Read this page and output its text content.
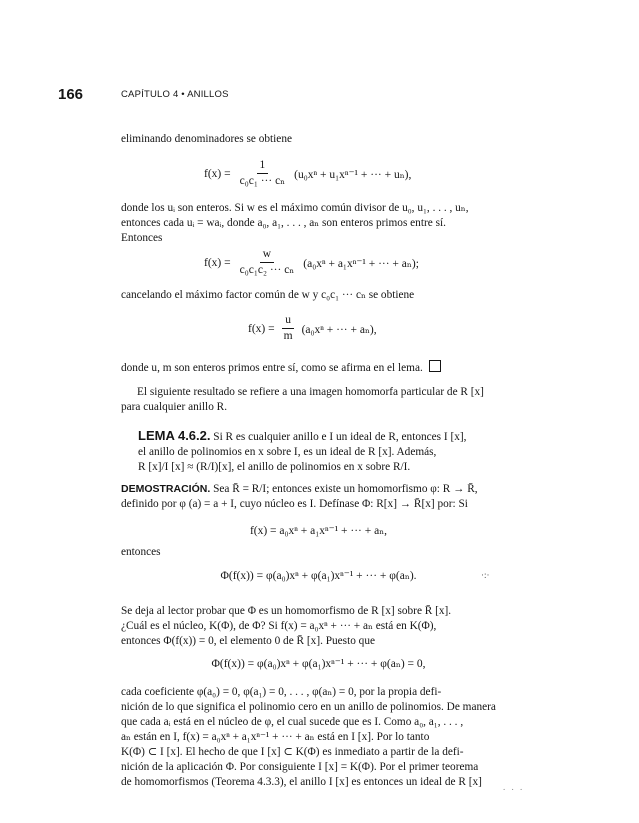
166	CAPÍTULO 4 • ANILLOS
eliminando denominadores se obtiene
$f(x) = \frac{1}{\text{c₀c₁ ··· cₙ}} (u_0x^n + u_1x^{n-1}$ + ··· + uₙ),
donde los uᵢ son enteros. Si w es el máximo común divisor de u₀, u₁, . . . , uₙ,
entonces cada uᵢ = waᵢ, donde a₀, a₁, . . . , aₙ son enteros primos entre sí.
Entonces
$f(x) = \frac{w}{\text{c₀c₁c₂ ··· cₙ}} (a_0x^n + a_1x^{n-1}$ + ··· + aₙ);
cancelando el máximo factor común de w y c₀c₁ ··· cₙ se obtiene
$f(x) = \frac{u}{m} (a_0x^n$ + ··· + aₙ),
donde u, m son enteros primos entre sí, como se afirma en el lema.
El siguiente resultado se refiere a una imagen homomorfa particular de R [x]
para cualquier anillo R.
LEMA 4.6.2. Si R es cualquier anillo e I un ideal de R, entonces I [x],
el anillo de polinomios en x sobre I, es un ideal de R [x]. Además,
R [x]/I [x] ≈ (R/I)[x], el anillo de polinomios en x sobre R/I.
DEMOSTRACIÓN. Sea R̄ = R/I; entonces existe un homomorfismo φ: R → R̄,
definido por φ (a) = a + I, cuyo núcleo es I. Defínase Φ: R[x] → R̄[x] por: Si
f(x) = a₀xⁿ + a₁xⁿ⁻¹ + ··· + aₙ,
entonces
Φ(f(x)) = φ(a₀)xⁿ + φ(a₁)xⁿ⁻¹ + ··· + φ(aₙ).	·:·
Se deja al lector probar que Φ es un homomorfismo de R [x] sobre R̄ [x].
¿Cuál es el núcleo, K(Φ), de Φ? Si f(x) = a₀xⁿ + ··· + aₙ está en K(Φ),
entonces Φ(f(x)) = 0, el elemento 0 de R̄ [x]. Puesto que
Φ(f(x)) = φ(a₀)xⁿ + φ(a₁)xⁿ⁻¹ + ··· + φ(aₙ) = 0,
cada coeficiente φ(a₀) = 0, φ(a₁) = 0, . . . , φ(aₙ) = 0, por la propia defi-
nición de lo que significa el polinomio cero en un anillo de polinomios. De manera
que cada aᵢ está en el núcleo de φ, el cual sucede que es I. Como a₀, a₁, . . . ,
aₙ están en I, f(x) = a₀xⁿ + a₁xⁿ⁻¹ + ··· + aₙ está en I [x]. Por lo tanto
K(Φ) ⊂ I [x]. El hecho de que I [x] ⊂ K(Φ) es inmediato a partir de la defi-
nición de la aplicación Φ. Por consiguiente I [x] = K(Φ). Por el primer teorema
de homomorfismos (Teorema 4.3.3), el anillo I [x] es entonces un ideal de R [x]	. . .
